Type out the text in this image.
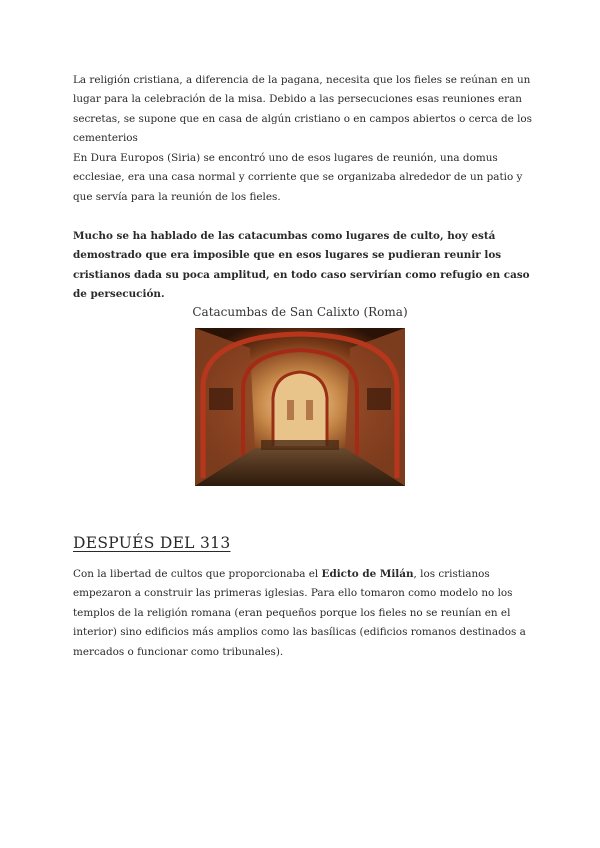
La religión cristiana, a diferencia de la pagana, necesita que los fieles se reúnan en un lugar para la celebración de la misa. Debido a las persecuciones esas reuniones eran secretas, se supone que en casa de algún cristiano o en campos abiertos o cerca de los cementerios

En Dura Europos (Siria) se encontró uno de esos lugares de reunión, una domus ecclesiae, era una casa normal y corriente que se organizaba alrededor de un patio y que servía para la reunión de los fieles.

Mucho se ha hablado de las catacumbas como lugares de culto, hoy está demostrado que era imposible que en esos lugares se pudieran reunir los cristianos dada su poca amplitud, en todo caso servirían como refugio en caso de persecución.

Catacumbas de San Calixto (Roma)
DESPUÉS DEL 313

Con la libertad de cultos que proporcionaba el Edicto de Milán, los cristianos empezaron a construir las primeras iglesias. Para ello tomaron como modelo no los templos de la religión romana (eran pequeños porque los fieles no se reunían en el interior) sino edificios más amplios como las basílicas (edificios romanos destinados a mercados o funcionar como tribunales).
